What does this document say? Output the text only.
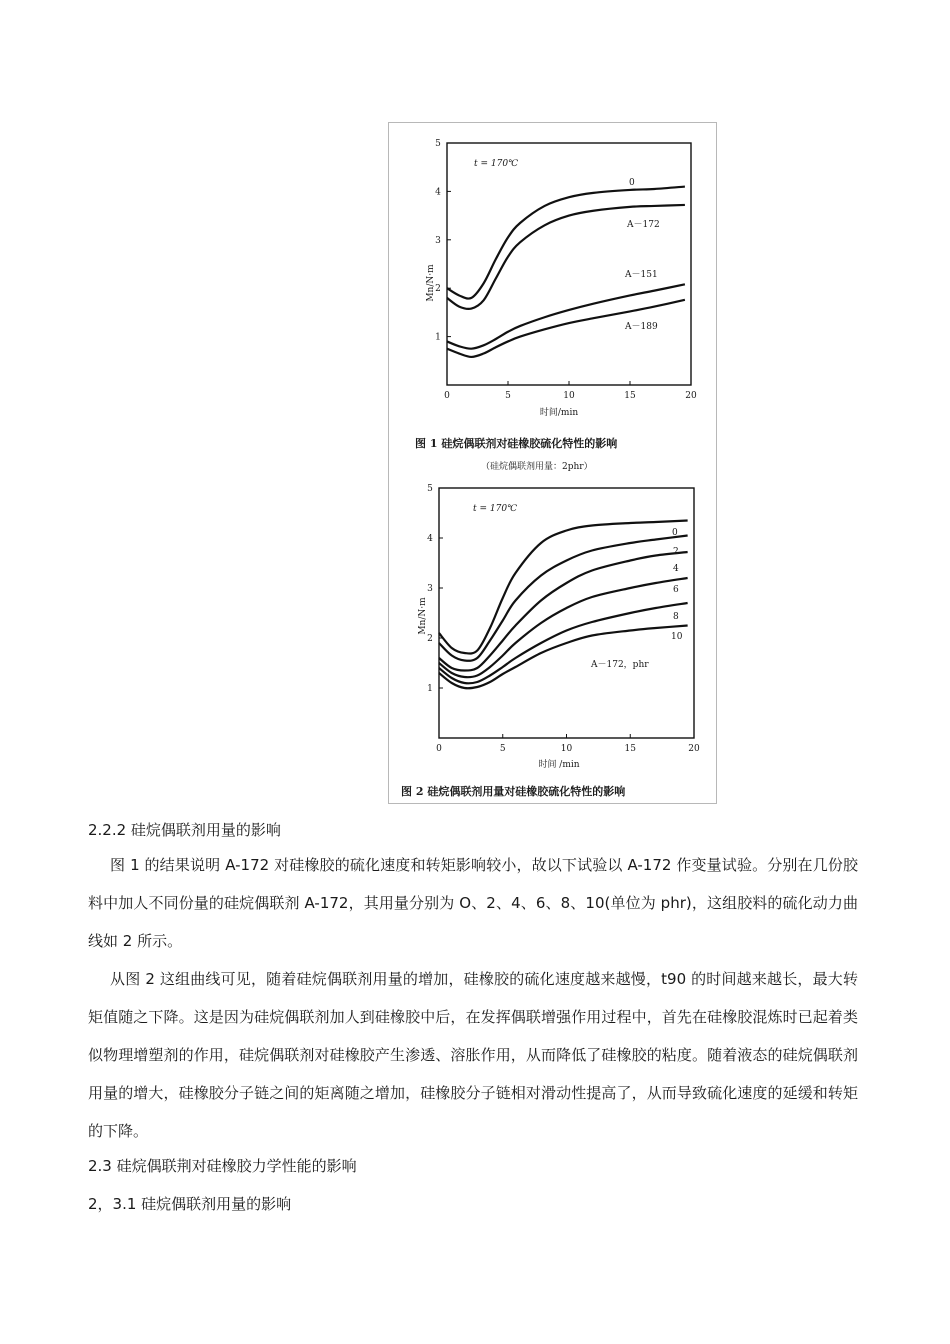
1
2
3
4
5
0	5	10	15	20
t = 170℃
Mn/N·m
时间/min
0
A－172
A－151
A－189
图 1 硅烷偶联剂对硅橡胶硫化特性的影响
（硅烷偶联剂用量：2phr）
1
2
3
4
5
0	5	10	15	20
t = 170℃
Mn/N·m
时间 /min
0
2
4
6
8
10
A－172，phr
图 2 硅烷偶联剂用量对硅橡胶硫化特性的影响
2.2.2 硅烷偶联剂用量的影响

图 1 的结果说明 A-172 对硅橡胶的硫化速度和转矩影响较小，故以下试验以 A-172 作变量试验。分别在几份胶料中加人不同份量的硅烷偶联剂 A-172，其用量分别为 O、2、4、6、8、10(单位为 phr)，这组胶料的硫化动力曲线如 2 所示。

从图 2 这组曲线可见，随着硅烷偶联剂用量的增加，硅橡胶的硫化速度越来越慢，t90 的时间越来越长，最大转矩值随之下降。这是因为硅烷偶联剂加人到硅橡胶中后，在发挥偶联增强作用过程中，首先在硅橡胶混炼时已起着类似物理增塑剂的作用，硅烷偶联剂对硅橡胶产生渗透、溶胀作用，从而降低了硅橡胶的粘度。随着液态的硅烷偶联剂用量的增大，硅橡胶分子链之间的矩离随之增加，硅橡胶分子链相对滑动性提高了，从而导致硫化速度的延缓和转矩的下降。

2.3 硅烷偶联荆对硅橡胶力学性能的影响
2，3.1 硅烷偶联剂用量的影响
